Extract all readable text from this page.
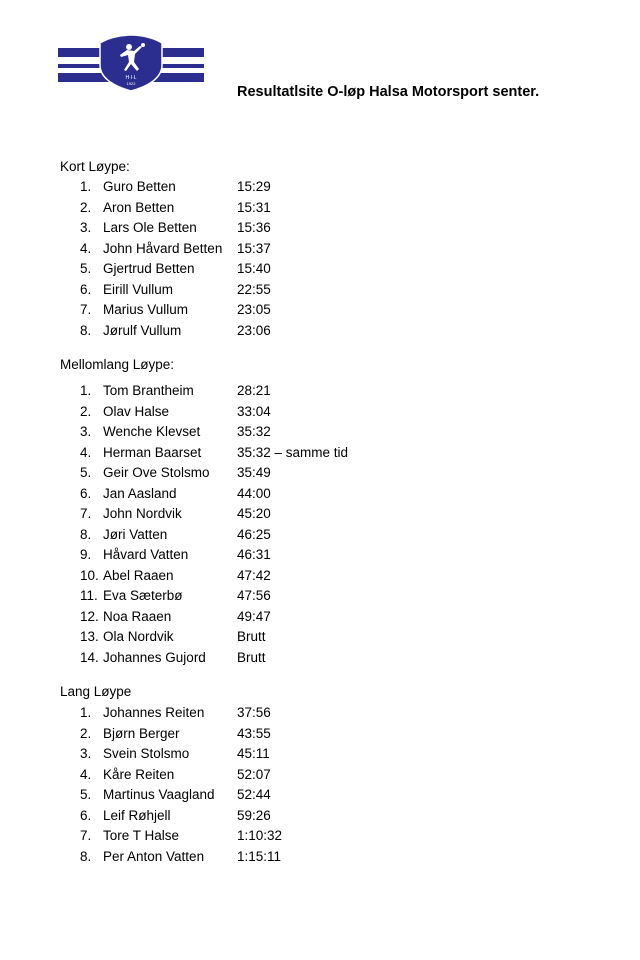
H·I·L
1922
Resultatlsite O-løp Halsa Motorsport senter.
Kort Løype:
1. Guro Betten	15:29
2. Aron Betten	15:31
3. Lars Ole Betten	15:36
4. John Håvard Betten 15:37
5. Gjertrud Betten	15:40
6. Eirill Vullum	22:55
7. Marius Vullum	23:05
8. Jørulf Vullum	23:06
Mellomlang Løype:
1. Tom Brantheim	28:21
2. Olav Halse	33:04
3. Wenche Klevset	35:32
4. Herman Baarset	35:32 – samme tid
5. Geir Ove Stolsmo 35:49
6. Jan Aasland	44:00
7. John Nordvik	45:20
8. Jøri Vatten	46:25
9. Håvard Vatten	46:31
10. Abel Raaen	47:42
11. Eva Sæterbø	47:56
12. Noa Raaen	49:47
13. Ola Nordvik	Brutt
14. Johannes Gujord Brutt
Lang Løype
1. Johannes Reiten 37:56
2. Bjørn Berger	43:55
3. Svein Stolsmo	45:11
4. Kåre Reiten	52:07
5. Martinus Vaagland 52:44
6. Leif Røhjell	59:26
7. Tore T Halse	1:10:32
8. Per Anton Vatten 1:15:11
